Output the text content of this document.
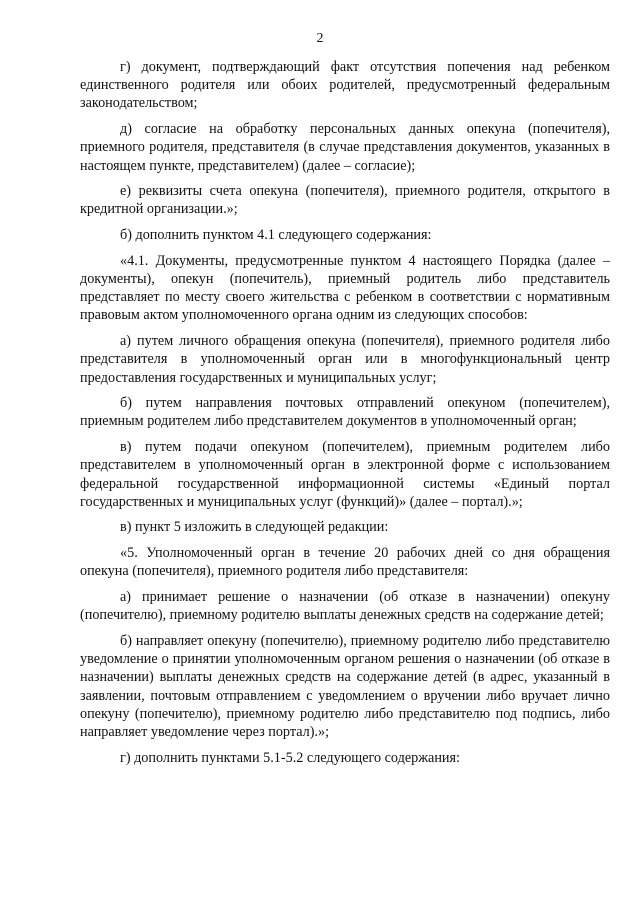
2

г) документ, подтверждающий факт отсутствия попечения над ребенком единственного родителя или обоих родителей, предусмотренный федеральным законодательством;

д) согласие на обработку персональных данных опекуна (попечителя), приемного родителя, представителя (в случае представления документов, указанных в настоящем пункте, представителем) (далее – согласие);

е) реквизиты счета опекуна (попечителя), приемного родителя, открытого в кредитной организации.»;

б) дополнить пунктом 4.1 следующего содержания:

«4.1. Документы, предусмотренные пунктом 4 настоящего Порядка (далее – документы), опекун (попечитель), приемный родитель либо представитель представляет по месту своего жительства с ребенком в соответствии с нормативным правовым актом уполномоченного органа одним из следующих способов:

а) путем личного обращения опекуна (попечителя), приемного родителя либо представителя в уполномоченный орган или в многофункциональный центр предоставления государственных и муниципальных услуг;

б) путем направления почтовых отправлений опекуном (попечителем), приемным родителем либо представителем документов в уполномоченный орган;

в) путем подачи опекуном (попечителем), приемным родителем либо представителем в уполномоченный орган в электронной форме с использованием федеральной государственной информационной системы «Единый портал государственных и муниципальных услуг (функций)» (далее – портал).»;

в) пункт 5 изложить в следующей редакции:

«5. Уполномоченный орган в течение 20 рабочих дней со дня обращения опекуна (попечителя), приемного родителя либо представителя:

а) принимает решение о назначении (об отказе в назначении) опекуну (попечителю), приемному родителю выплаты денежных средств на содержание детей;

б) направляет опекуну (попечителю), приемному родителю либо представителю уведомление о принятии уполномоченным органом решения о назначении (об отказе в назначении) выплаты денежных средств на содержание детей (в адрес, указанный в заявлении, почтовым отправлением с уведомлением о вручении либо вручает лично опекуну (попечителю), приемному родителю либо представителю под подпись, либо направляет уведомление через портал).»;

г) дополнить пунктами 5.1-5.2 следующего содержания:
